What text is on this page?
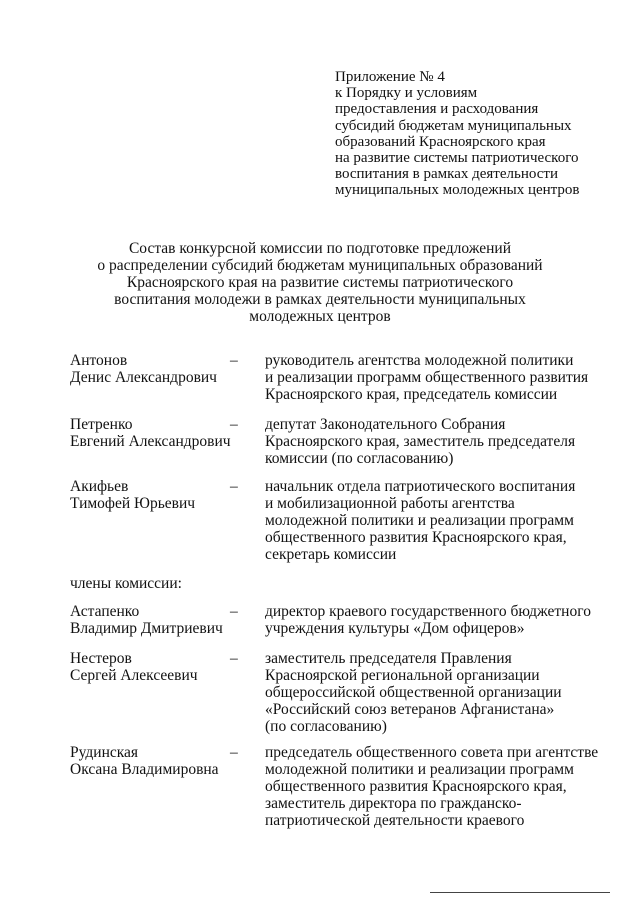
Приложение № 4
к Порядку и условиям
предоставления и расходования
субсидий бюджетам муниципальных
образований Красноярского края
на развитие системы патриотического
воспитания в рамках деятельности
муниципальных молодежных центров
Состав конкурсной комиссии по подготовке предложений
о распределении субсидий бюджетам муниципальных образований
Красноярского края на развитие системы патриотического
воспитания молодежи в рамках деятельности муниципальных
молодежных центров
Антонов
Денис Александрович
– руководитель агентства молодежной политики
и реализации программ общественного развития
Красноярского края, председатель комиссии
Петренко
Евгений Александрович
– депутат Законодательного Собрания
Красноярского края, заместитель председателя
комиссии (по согласованию)
Акифьев
Тимофей Юрьевич
– начальник отдела патриотического воспитания
и мобилизационной работы агентства
молодежной политики и реализации программ
общественного развития Красноярского края,
секретарь комиссии
члены комиссии:
Астапенко
Владимир Дмитриевич
– директор краевого государственного бюджетного
учреждения культуры «Дом офицеров»
Нестеров
Сергей Алексеевич
– заместитель председателя Правления
Красноярской региональной организации
общероссийской общественной организации
«Российский союз ветеранов Афганистана»
(по согласованию)
Рудинская
Оксана Владимировна
– председатель общественного совета при агентстве
молодежной политики и реализации программ
общественного развития Красноярского края,
заместитель директора по гражданско-
патриотической деятельности краевого
